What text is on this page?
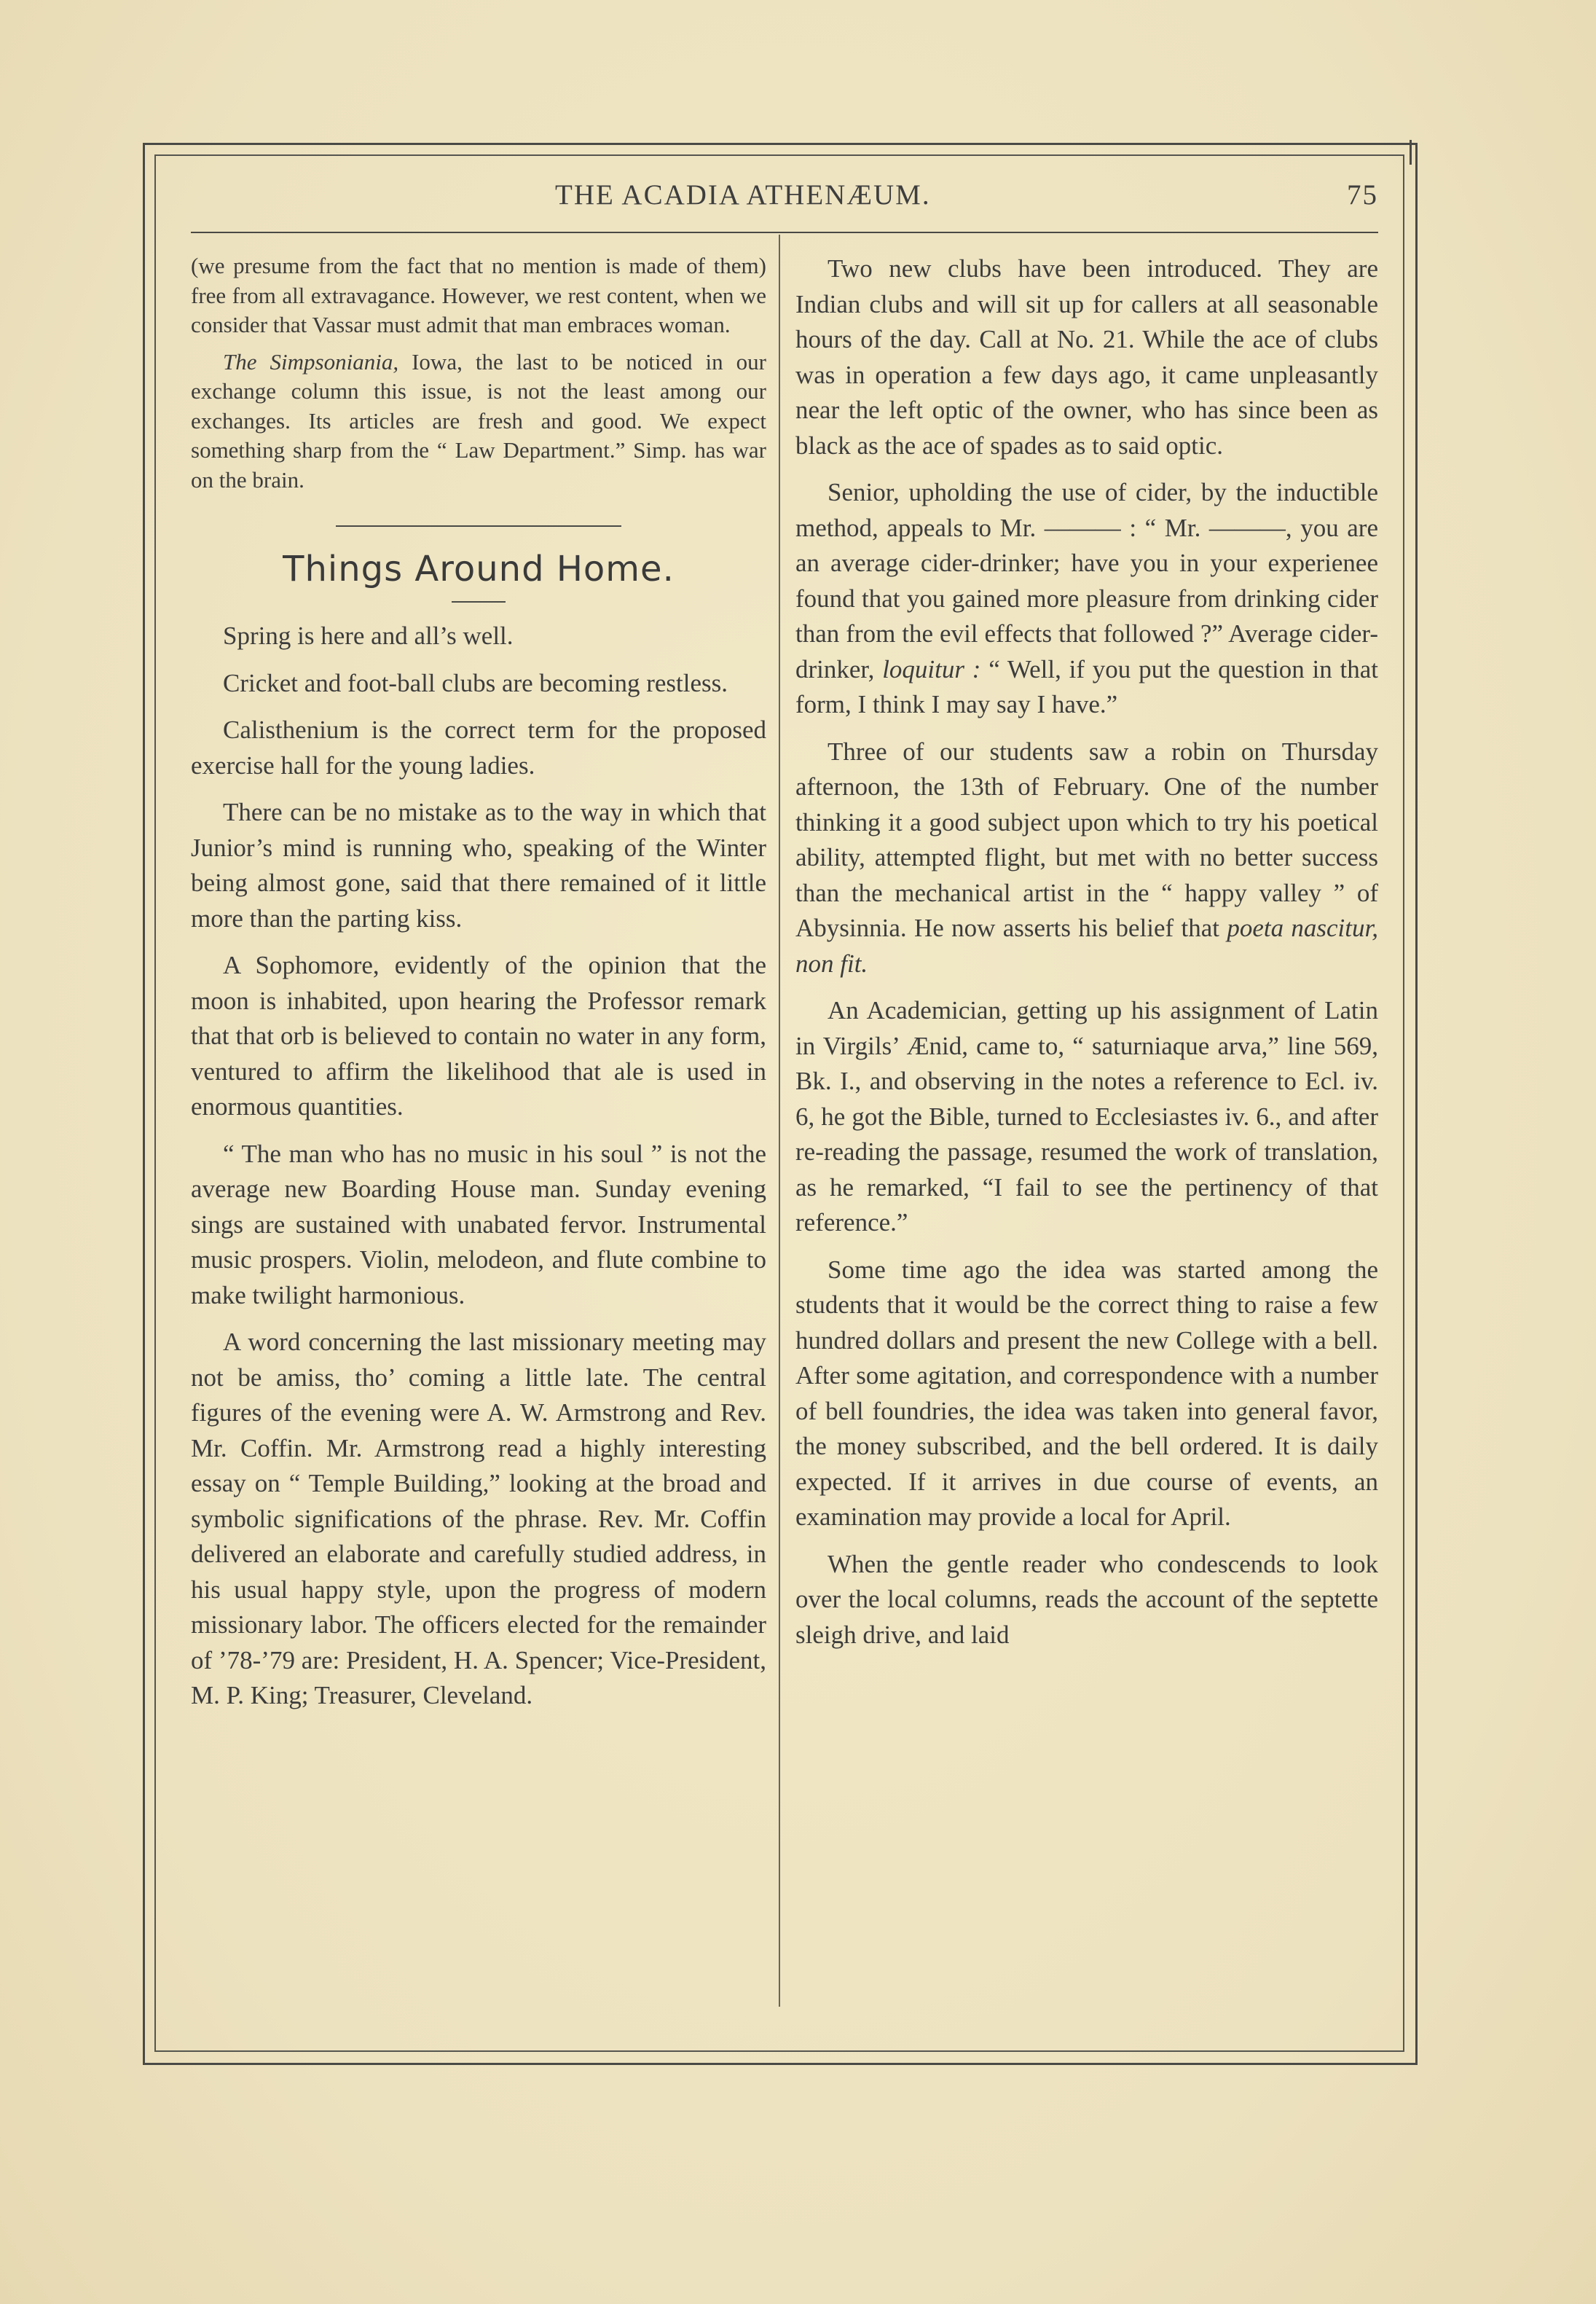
THE ACADIA ATHENÆUM.	75

(we presume from the fact that no mention is made of them) free from all extravagance. However, we rest content, when we consider that Vassar must admit that man embraces woman.

The Simpsoniania, Iowa, the last to be noticed in our exchange column this issue, is not the least among our exchanges. Its articles are fresh and good. We expect something sharp from the “ Law Department.” Simp. has war on the brain.

Things Around Home.

Spring is here and all’s well.

Cricket and foot-ball clubs are becoming restless.

Calisthenium is the correct term for the proposed exercise hall for the young ladies.

There can be no mistake as to the way in which that Junior’s mind is running who, speaking of the Winter being almost gone, said that there remained of it little more than the parting kiss.

A Sophomore, evidently of the opinion that the moon is inhabited, upon hearing the Professor remark that that orb is believed to contain no water in any form, ventured to affirm the likelihood that ale is used in enormous quantities.

“ The man who has no music in his soul ” is not the average new Boarding House man. Sunday evening sings are sustained with unabated fervor. Instrumental music prospers. Violin, melodeon, and flute combine to make twilight harmonious.

A word concerning the last missionary meeting may not be amiss, tho’ coming a little late. The central figures of the evening were A. W. Armstrong and Rev. Mr. Coffin. Mr. Armstrong read a highly interesting essay on “ Temple Building,” looking at the broad and symbolic significations of the phrase. Rev. Mr. Coffin delivered an elaborate and carefully studied address, in his usual happy style, upon the progress of modern missionary labor. The officers elected for the remainder of ’78-’79 are: President, H. A. Spencer; Vice-President, M. P. King; Treasurer, Cleveland.

Two new clubs have been introduced. They are Indian clubs and will sit up for callers at all seasonable hours of the day. Call at No. 21. While the ace of clubs was in operation a few days ago, it came unpleasantly near the left optic of the owner, who has since been as black as the ace of spades as to said optic.

Senior, upholding the use of cider, by the inductible method, appeals to Mr. ——— : “ Mr. ———, you are an average cider-drinker; have you in your experienee found that you gained more pleasure from drinking cider than from the evil effects that followed ?” Average cider-drinker, loquitur : “ Well, if you put the question in that form, I think I may say I have.”

Three of our students saw a robin on Thursday afternoon, the 13th of February. One of the number thinking it a good subject upon which to try his poetical ability, attempted flight, but met with no better success than the mechanical artist in the “ happy valley ” of Abysinnia. He now asserts his belief that poeta nascitur, non fit.

An Academician, getting up his assignment of Latin in Virgils’ Ænid, came to, “ saturniaque arva,” line 569, Bk. I., and observing in the notes a reference to Ecl. iv. 6, he got the Bible, turned to Ecclesiastes iv. 6., and after re-reading the passage, resumed the work of translation, as he remarked, “I fail to see the pertinency of that reference.”

Some time ago the idea was started among the students that it would be the correct thing to raise a few hundred dollars and present the new College with a bell. After some agitation, and correspondence with a number of bell foundries, the idea was taken into general favor, the money subscribed, and the bell ordered. It is daily expected. If it arrives in due course of events, an examination may provide a local for April.

When the gentle reader who condescends to look over the local columns, reads the account of the septette sleigh drive, and laid
